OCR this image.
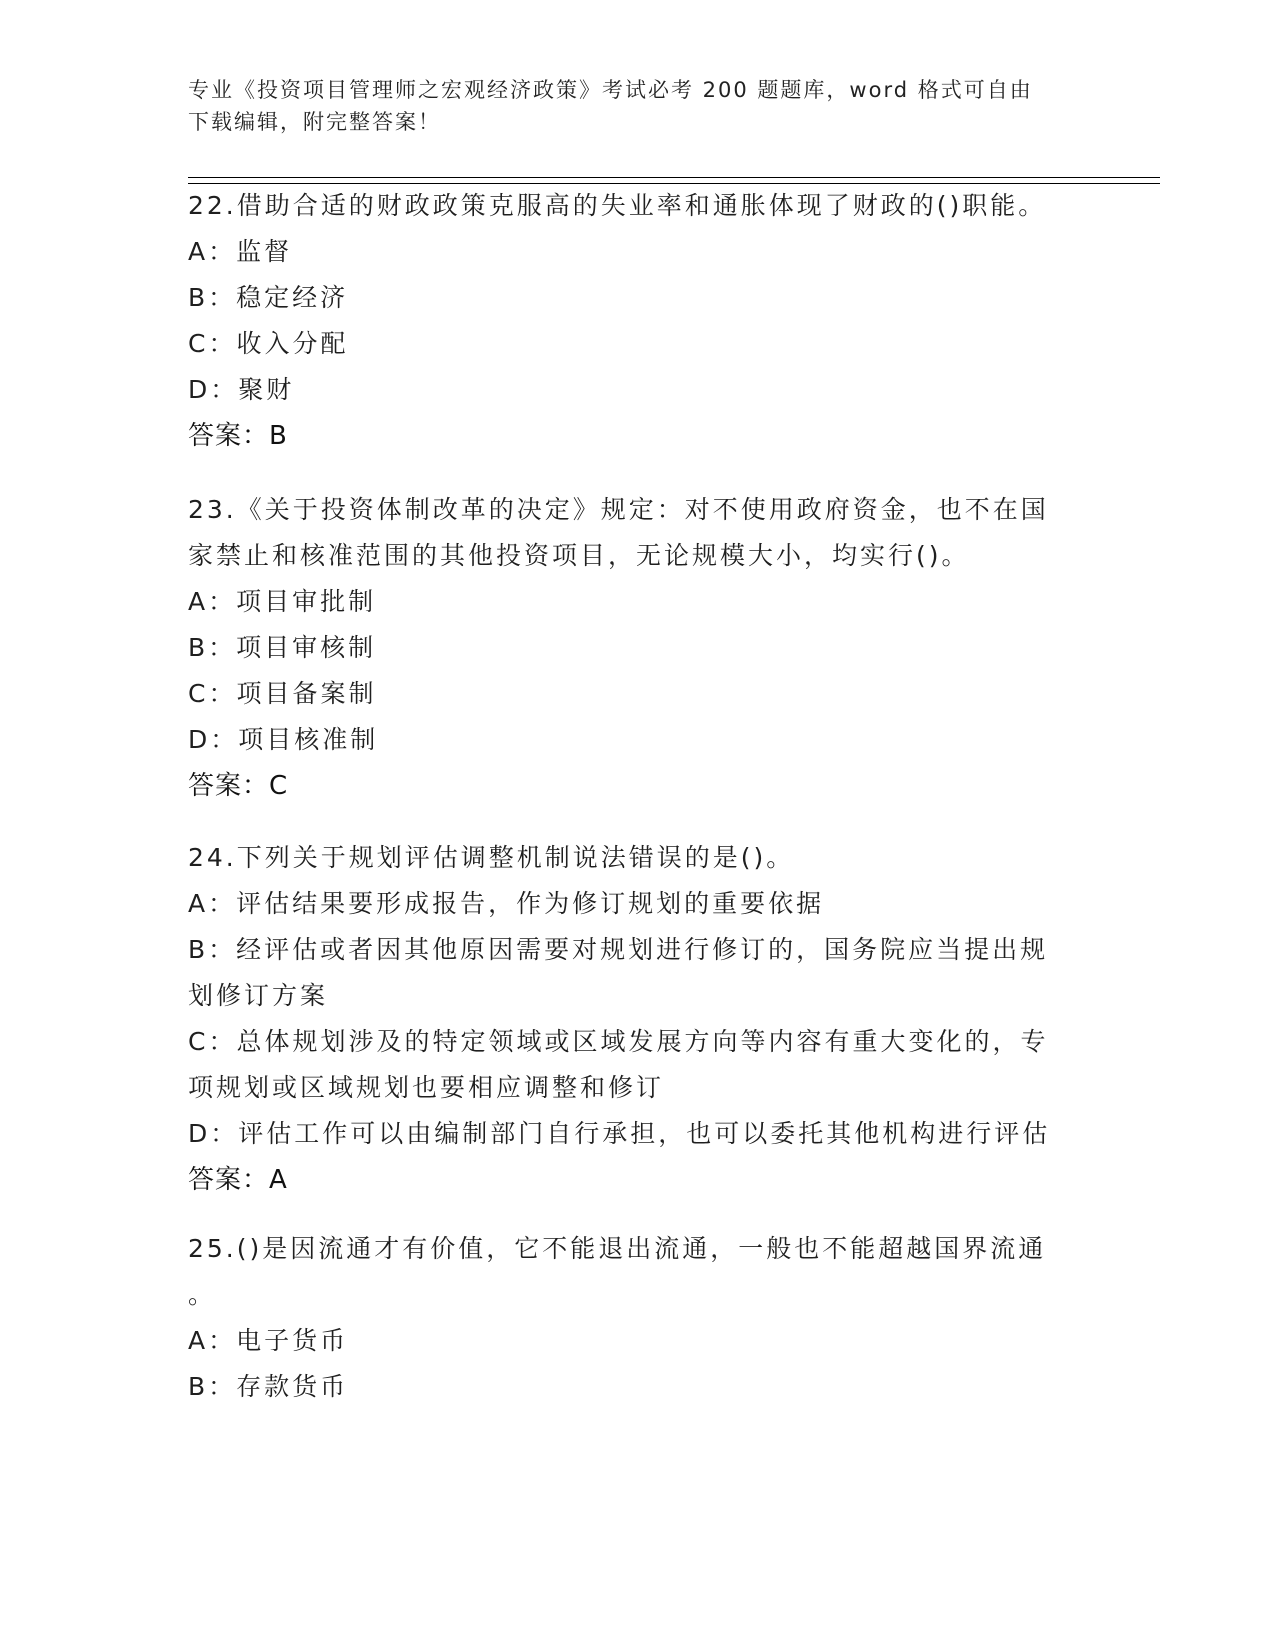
专业《投资项目管理师之宏观经济政策》考试必考 200 题题库，word 格式可自由
下载编辑，附完整答案！
22.借助合适的财政政策克服高的失业率和通胀体现了财政的()职能。
A：监督
B：稳定经济
C：收入分配
D：聚财
答案：B
23.《关于投资体制改革的决定》规定：对不使用政府资金，也不在国
家禁止和核准范围的其他投资项目，无论规模大小，均实行()。
A：项目审批制
B：项目审核制
C：项目备案制
D：项目核准制
答案：C
24.下列关于规划评估调整机制说法错误的是()。
A：评估结果要形成报告，作为修订规划的重要依据
B：经评估或者因其他原因需要对规划进行修订的，国务院应当提出规
划修订方案
C：总体规划涉及的特定领域或区域发展方向等内容有重大变化的，专
项规划或区域规划也要相应调整和修订
D：评估工作可以由编制部门自行承担，也可以委托其他机构进行评估
答案：A
25.()是因流通才有价值，它不能退出流通，一般也不能超越国界流通
。
A：电子货币
B：存款货币
